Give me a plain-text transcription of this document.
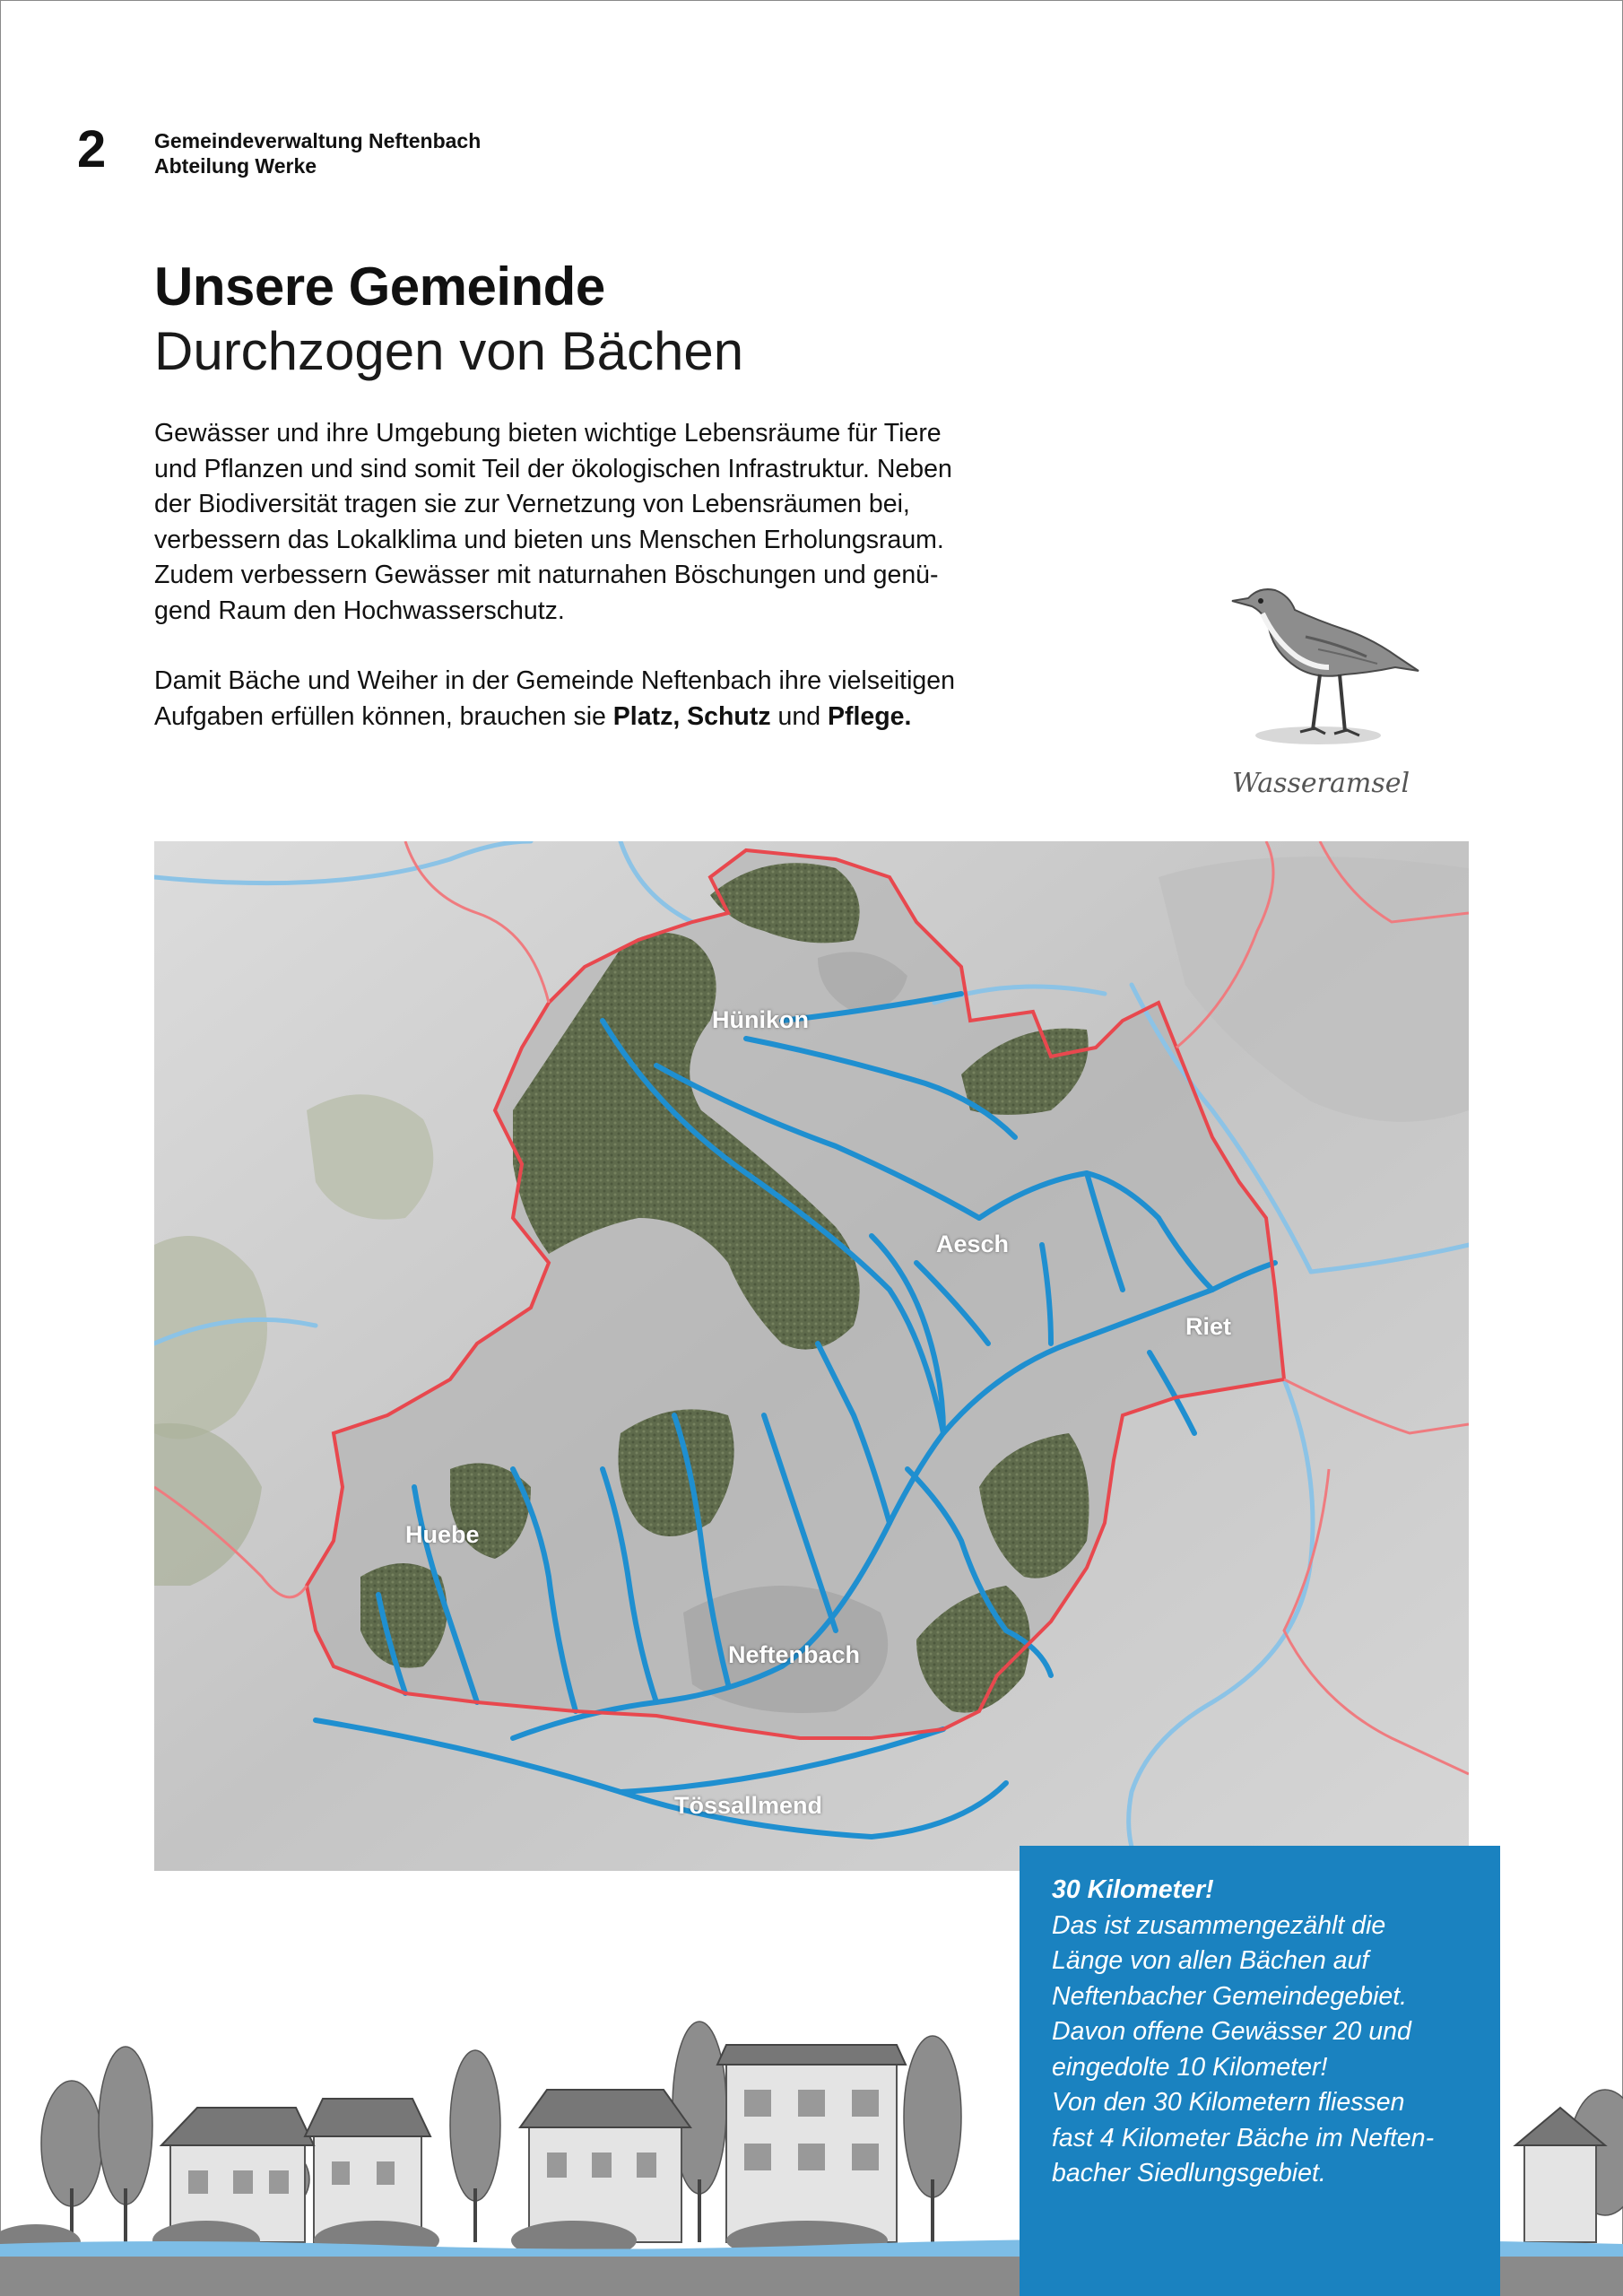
2 Gemeindeverwaltung Neftenbach
Abteilung Werke
Unsere Gemeinde
Durchzogen von Bächen
Gewässer und ihre Umgebung bieten wichtige Lebensräume für Tiere
und Pflanzen und sind somit Teil der ökologischen Infrastruktur. Neben
der Biodiversität tragen sie zur Vernetzung von Lebensräumen bei,
verbessern das Lokalklima und bieten uns Menschen Erholungsraum.
Zudem verbessern Gewässer mit naturnahen Böschungen und genü-
gend Raum den Hochwasserschutz.
Damit Bäche und Weiher in der Gemeinde Neftenbach ihre vielseitigen
Aufgaben erfüllen können, brauchen sie Platz, Schutz und Pflege.
Wasseramsel
Hünikon
Aesch
Riet
Huebe
Neftenbach
Tössallmend
30 Kilometer!
Das ist zusammengezählt die
Länge von allen Bächen auf
Neftenbacher Gemeindegebiet.
Davon offene Gewässer 20 und
eingedolte 10 Kilometer!
Von den 30 Kilometern fliessen
fast 4 Kilometer Bäche im Neften-
bacher Siedlungsgebiet.
